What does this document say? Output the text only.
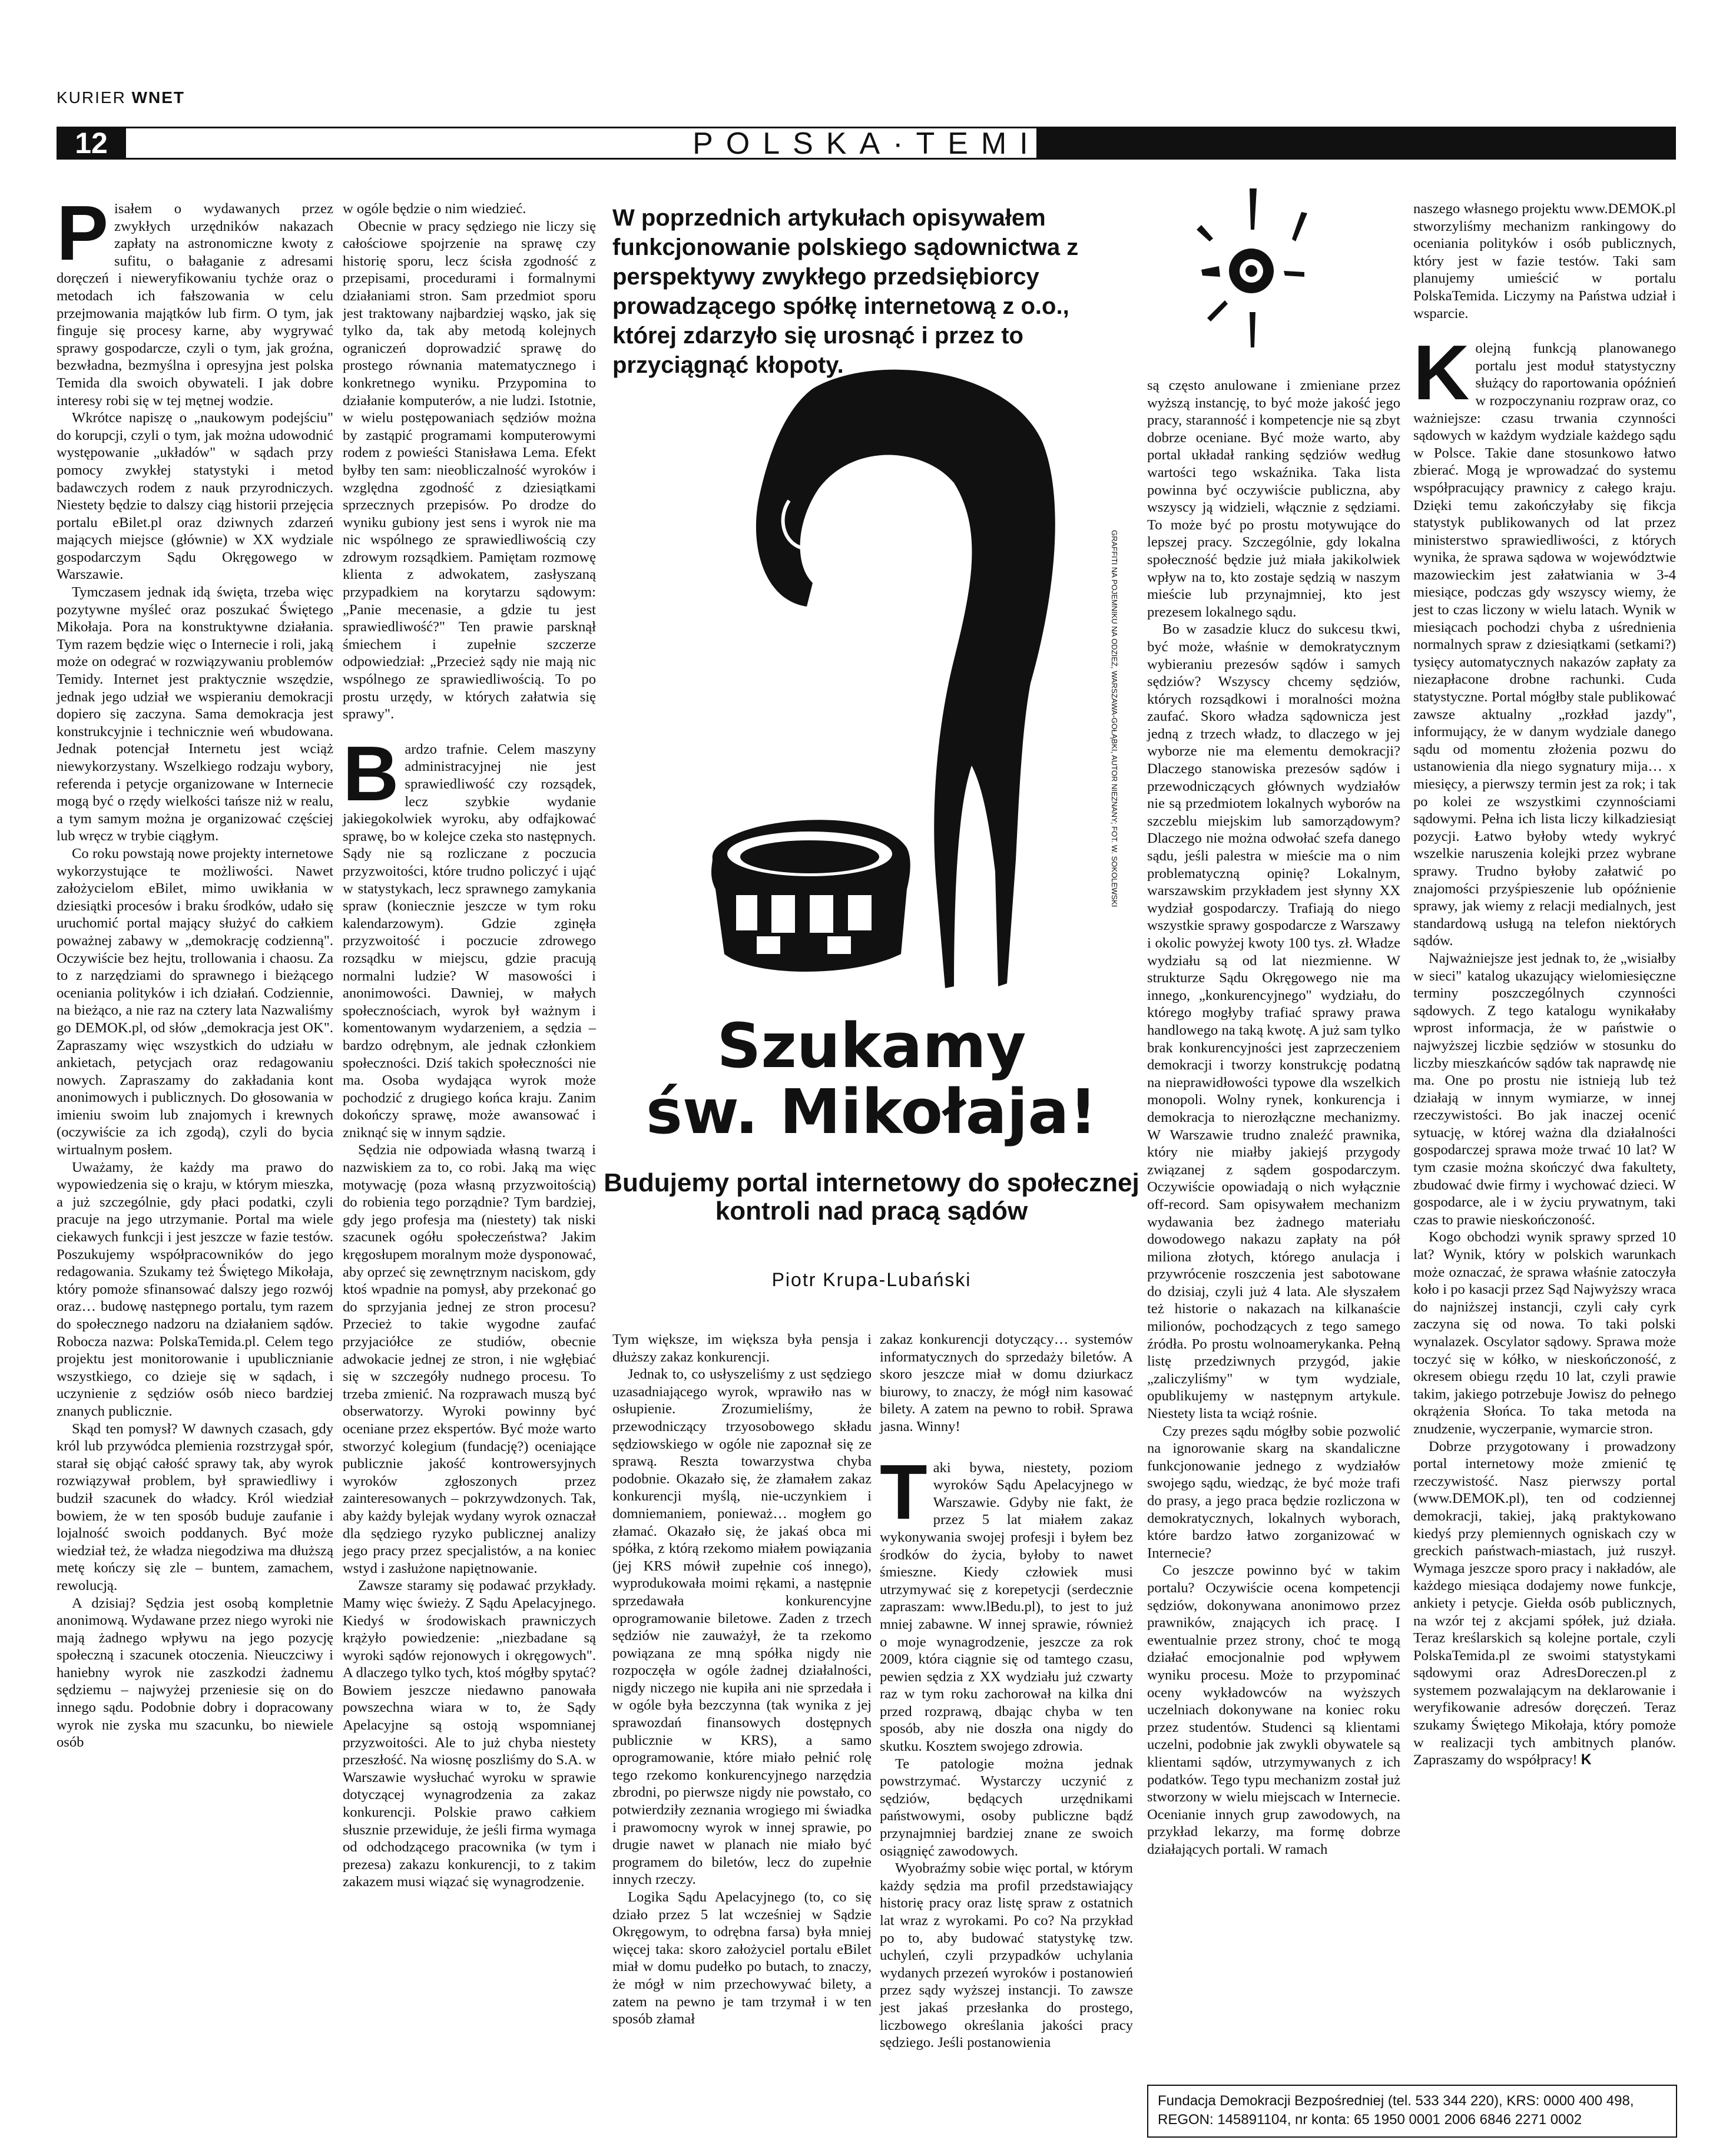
KURIER WNET
12	POLSKA·TEMIDA

Pisałem o wydawanych przez zwykłych urzędników nakazach zapłaty na astronomiczne kwoty z sufitu, o bałaganie z adresami doręczeń i nieweryfikowaniu tychże oraz o metodach ich fałszowania w celu przejmowania majątków lub firm. O tym, jak finguje się procesy karne, aby wygrywać sprawy gospodarcze, czyli o tym, jak groźna, bezwładna, bezmyślna i opresyjna jest polska Temida dla swoich obywateli. I jak dobre interesy robi się w tej mętnej wodzie.

Wkrótce napiszę o „naukowym podejściu" do korupcji, czyli o tym, jak można udowodnić występowanie „układów" w sądach przy pomocy zwykłej statystyki i metod badawczych rodem z nauk przyrodniczych. Niestety będzie to dalszy ciąg historii przejęcia portalu eBilet.pl oraz dziwnych zdarzeń mających miejsce (głównie) w XX wydziale gospodarczym Sądu Okręgowego w Warszawie.

Tymczasem jednak idą święta, trzeba więc pozytywne myśleć oraz poszukać Świętego Mikołaja. Pora na konstruktywne działania. Tym razem będzie więc o Internecie i roli, jaką może on odegrać w rozwiązywaniu problemów Temidy. Internet jest praktycznie wszędzie, jednak jego udział we wspieraniu demokracji dopiero się zaczyna. Sama demokracja jest konstrukcyjnie i technicznie weń wbudowana. Jednak potencjał Internetu jest wciąż niewykorzystany. Wszelkiego rodzaju wybory, referenda i petycje organizowane w Internecie mogą być o rzędy wielkości tańsze niż w realu, a tym samym można je organizować częściej lub wręcz w trybie ciągłym.

Co roku powstają nowe projekty internetowe wykorzystujące te możliwości. Nawet założycielom eBilet, mimo uwikłania w dziesiątki procesów i braku środków, udało się uruchomić portal mający służyć do całkiem poważnej zabawy w „demokrację codzienną". Oczywiście bez hejtu, trollowania i chaosu. Za to z narzędziami do sprawnego i bieżącego oceniania polityków i ich działań. Codziennie, na bieżąco, a nie raz na cztery lata Nazwaliśmy go DEMOK.pl, od słów „demokracja jest OK". Zapraszamy więc wszystkich do udziału w ankietach, petycjach oraz redagowaniu nowych. Zapraszamy do zakładania kont anonimowych i publicznych. Do głosowania w imieniu swoim lub znajomych i krewnych (oczywiście za ich zgodą), czyli do bycia wirtualnym posłem.

Uważamy, że każdy ma prawo do wypowiedzenia się o kraju, w którym mieszka, a już szczególnie, gdy płaci podatki, czyli pracuje na jego utrzymanie. Portal ma wiele ciekawych funkcji i jest jeszcze w fazie testów. Poszukujemy współpracowników do jego redagowania. Szukamy też Świętego Mikołaja, który pomoże sfinansować dalszy jego rozwój oraz… budowę następnego portalu, tym razem do społecznego nadzoru na działaniem sądów. Robocza nazwa: PolskaTemida.pl. Celem tego projektu jest monitorowanie i upublicznianie wszystkiego, co dzieje się w sądach, i uczynienie z sędziów osób nieco bardziej znanych publicznie.

Skąd ten pomysł? W dawnych czasach, gdy król lub przywódca plemienia rozstrzygał spór, starał się objąć całość sprawy tak, aby wyrok rozwiązywał problem, był sprawiedliwy i budził szacunek do władcy. Król wiedział bowiem, że w ten sposób buduje zaufanie i lojalność swoich poddanych. Być może wiedział też, że władza niegodziwa ma dłuższą metę kończy się zle – buntem, zamachem, rewolucją.

A dzisiaj? Sędzia jest osobą kompletnie anonimową. Wydawane przez niego wyroki nie mają żadnego wpływu na jego pozycję społeczną i szacunek otoczenia. Nieuczciwy i haniebny wyrok nie zaszkodzi żadnemu sędziemu – najwyżej przeniesie się on do innego sądu. Podobnie dobry i dopracowany wyrok nie zyska mu szacunku, bo niewiele osób

w ogóle będzie o nim wiedzieć.

Obecnie w pracy sędziego nie liczy się całościowe spojrzenie na sprawę czy historię sporu, lecz ścisła zgodność z przepisami, procedurami i formalnymi działaniami stron. Sam przedmiot sporu jest traktowany najbardziej wąsko, jak się tylko da, tak aby metodą kolejnych ograniczeń doprowadzić sprawę do prostego równania matematycznego i konkretnego wyniku. Przypomina to działanie komputerów, a nie ludzi. Istotnie, w wielu postępowaniach sędziów można by zastąpić programami komputerowymi rodem z powieści Stanisława Lema. Efekt byłby ten sam: nieobliczalność wyroków i względna zgodność z dziesiątkami sprzecznych przepisów. Po drodze do wyniku gubiony jest sens i wyrok nie ma nic wspólnego ze sprawiedliwością czy zdrowym rozsądkiem. Pamiętam rozmowę klienta z adwokatem, zasłyszaną przypadkiem na korytarzu sądowym: „Panie mecenasie, a gdzie tu jest sprawiedliwość?" Ten prawie parsknął śmiechem i zupełnie szczerze odpowiedział: „Przecież sądy nie mają nic wspólnego ze sprawiedliwością. To po prostu urzędy, w których załatwia się sprawy".

Bardzo trafnie. Celem maszyny administracyjnej nie jest sprawiedliwość czy rozsądek, lecz szybkie wydanie jakiegokolwiek wyroku, aby odfajkować sprawę, bo w kolejce czeka sto następnych. Sądy nie są rozliczane z poczucia przyzwoitości, które trudno policzyć i ująć w statystykach, lecz sprawnego zamykania spraw (koniecznie jeszcze w tym roku kalendarzowym). Gdzie zginęła przyzwoitość i poczucie zdrowego rozsądku w miejscu, gdzie pracują normalni ludzie? W masowości i anonimowości. Dawniej, w małych społecznościach, wyrok był ważnym i komentowanym wydarzeniem, a sędzia – bardzo odrębnym, ale jednak członkiem społeczności. Dziś takich społeczności nie ma. Osoba wydająca wyrok może pochodzić z drugiego końca kraju. Zanim dokończy sprawę, może awansować i zniknąć się w innym sądzie.

Sędzia nie odpowiada własną twarzą i nazwiskiem za to, co robi. Jaką ma więc motywację (poza własną przyzwoitością) do robienia tego porządnie? Tym bardziej, gdy jego profesja ma (niestety) tak niski szacunek ogółu społeczeństwa? Jakim kręgosłupem moralnym może dysponować, aby oprzeć się zewnętrznym naciskom, gdy ktoś wpadnie na pomysł, aby przekonać go do sprzyjania jednej ze stron procesu? Przecież to takie wygodne zaufać przyjaciółce ze studiów, obecnie adwokacie jednej ze stron, i nie wgłębiać się w szczegóły nudnego procesu. To trzeba zmienić. Na rozprawach muszą być obserwatorzy. Wyroki powinny być oceniane przez ekspertów. Być może warto stworzyć kolegium (fundację?) oceniające publicznie jakość kontrowersyjnych wyroków zgłoszonych przez zainteresowanych – pokrzywdzonych. Tak, aby każdy bylejak wydany wyrok oznaczał dla sędziego ryzyko publicznej analizy jego pracy przez specjalistów, a na koniec wstyd i zasłużone napiętnowanie.

Zawsze staramy się podawać przykłady. Mamy więc świeży. Z Sądu Apelacyjnego. Kiedyś w środowiskach prawniczych krążyło powiedzenie: „niezbadane są wyroki sądów rejonowych i okręgowych". A dlaczego tylko tych, ktoś mógłby spytać? Bowiem jeszcze niedawno panowała powszechna wiara w to, że Sądy Apelacyjne są ostoją wspomnianej przyzwoitości. Ale to już chyba niestety przeszłość. Na wiosnę poszliśmy do S.A. w Warszawie wysłuchać wyroku w sprawie dotyczącej wynagrodzenia za zakaz konkurencji. Polskie prawo całkiem słusznie przewiduje, że jeśli firma wymaga od odchodzącego pracownika (w tym i prezesa) zakazu konkurencji, to z takim zakazem musi wiązać się wynagrodzenie.

W poprzednich artykułach opisywałem funkcjonowanie polskiego sądownictwa z perspektywy zwykłego przedsiębiorcy prowadzącego spółkę internetową z o.o., której zdarzyło się urosnąć i przez to przyciągnąć kłopoty.
GRAFFITI NA POJEMNIKU NA ODZIEŻ, WARSZAWA-GOŁĄBKI, AUTOR NIEZNANY; FOT. W. SOKOLEWSKI
Szukamy
św. Mikołaja!
Budujemy portal internetowy do społecznej kontroli nad pracą sądów
Piotr Krupa-Lubański

Tym większe, im większa była pensja i dłuższy zakaz konkurencji.

Jednak to, co usłyszeliśmy z ust sędziego uzasadniającego wyrok, wprawiło nas w osłupienie. Zrozumieliśmy, że przewodniczący trzyosobowego składu sędziowskiego w ogóle nie zapoznał się ze sprawą. Reszta towarzystwa chyba podobnie. Okazało się, że złamałem zakaz konkurencji myślą, nie-uczynkiem i domniemaniem, ponieważ… mogłem go złamać. Okazało się, że jakaś obca mi spółka, z którą rzekomo miałem powiązania (jej KRS mówił zupełnie coś innego), wyprodukowała moimi rękami, a następnie sprzedawała konkurencyjne oprogramowanie biletowe. Zaden z trzech sędziów nie zauważył, że ta rzekomo powiązana ze mną spółka nigdy nie rozpoczęła w ogóle żadnej działalności, nigdy niczego nie kupiła ani nie sprzedała i w ogóle była bezczynna (tak wynika z jej sprawozdań finansowych dostępnych publicznie w KRS), a samo oprogramowanie, które miało pełnić rolę tego rzekomo konkurencyjnego narzędzia zbrodni, po pierwsze nigdy nie powstało, co potwierdziły zeznania wrogiego mi świadka i prawomocny wyrok w innej sprawie, po drugie nawet w planach nie miało być programem do biletów, lecz do zupełnie innych rzeczy.

Logika Sądu Apelacyjnego (to, co się działo przez 5 lat wcześniej w Sądzie Okręgowym, to odrębna farsa) była mniej więcej taka: skoro założyciel portalu eBilet miał w domu pudełko po butach, to znaczy, że mógł w nim przechowywać bilety, a zatem na pewno je tam trzymał i w ten sposób złamał

zakaz konkurencji dotyczący… systemów informatycznych do sprzedaży biletów. A skoro jeszcze miał w domu dziurkacz biurowy, to znaczy, że mógł nim kasować bilety. A zatem na pewno to robił. Sprawa jasna. Winny!

Taki bywa, niestety, poziom wyroków Sądu Apelacyjnego w Warszawie. Gdyby nie fakt, że przez 5 lat miałem zakaz wykonywania swojej profesji i byłem bez środków do życia, byłoby to nawet śmieszne. Kiedy człowiek musi utrzymywać się z korepetycji (serdecznie zapraszam: www.lBedu.pl), to jest to już mniej zabawne. W innej sprawie, również o moje wynagrodzenie, jeszcze za rok 2009, która ciągnie się od tamtego czasu, pewien sędzia z XX wydziału już czwarty raz w tym roku zachorował na kilka dni przed rozprawą, dbając chyba w ten sposób, aby nie doszła ona nigdy do skutku. Kosztem swojego zdrowia.

Te patologie można jednak powstrzymać. Wystarczy uczynić z sędziów, będących urzędnikami państwowymi, osoby publiczne bądź przynajmniej bardziej znane ze swoich osiągnięć zawodowych.

Wyobraźmy sobie więc portal, w którym każdy sędzia ma profil przedstawiający historię pracy oraz listę spraw z ostatnich lat wraz z wyrokami. Po co? Na przykład po to, aby budować statystykę tzw. uchyleń, czyli przypadków uchylania wydanych przezeń wyroków i postanowień przez sądy wyższej instancji. To zawsze jest jakaś przesłanka do prostego, liczbowego określania jakości pracy sędziego. Jeśli postanowienia

są często anulowane i zmieniane przez wyższą instancję, to być może jakość jego pracy, staranność i kompetencje nie są zbyt dobrze oceniane. Być może warto, aby portal układał ranking sędziów według wartości tego wskaźnika. Taka lista powinna być oczywiście publiczna, aby wszyscy ją widzieli, włącznie z sędziami. To może być po prostu motywujące do lepszej pracy. Szczególnie, gdy lokalna społeczność będzie już miała jakikolwiek wpływ na to, kto zostaje sędzią w naszym mieście lub przynajmniej, kto jest prezesem lokalnego sądu.

Bo w zasadzie klucz do sukcesu tkwi, być może, właśnie w demokratycznym wybieraniu prezesów sądów i samych sędziów? Wszyscy chcemy sędziów, których rozsądkowi i moralności można zaufać. Skoro władza sądownicza jest jedną z trzech władz, to dlaczego w jej wyborze nie ma elementu demokracji? Dlaczego stanowiska prezesów sądów i przewodniczących głównych wydziałów nie są przedmiotem lokalnych wyborów na szczeblu miejskim lub samorządowym? Dlaczego nie można odwołać szefa danego sądu, jeśli palestra w mieście ma o nim problematyczną opinię? Lokalnym, warszawskim przykładem jest słynny XX wydział gospodarczy. Trafiają do niego wszystkie sprawy gospodarcze z Warszawy i okolic powyżej kwoty 100 tys. zł. Władze wydziału są od lat niezmienne. W strukturze Sądu Okręgowego nie ma innego, „konkurencyjnego" wydziału, do którego mogłyby trafiać sprawy prawa handlowego na taką kwotę. A już sam tylko brak konkurencyjności jest zaprzeczeniem demokracji i tworzy konstrukcję podatną na nieprawidłowości typowe dla wszelkich monopoli. Wolny rynek, konkurencja i demokracja to nierozłączne mechanizmy. W Warszawie trudno znaleźć prawnika, który nie miałby jakiejś przygody związanej z sądem gospodarczym. Oczywiście opowiadają o nich wyłącznie off-record. Sam opisywałem mechanizm wydawania bez żadnego materiału dowodowego nakazu zapłaty na pół miliona złotych, którego anulacja i przywrócenie roszczenia jest sabotowane do dzisiaj, czyli już 4 lata. Ale słyszałem też historie o nakazach na kilkanaście milionów, pochodzących z tego samego źródła. Po prostu wolnoamerykanka. Pełną listę przedziwnych przygód, jakie „zaliczyliśmy" w tym wydziale, opublikujemy w następnym artykule. Niestety lista ta wciąż rośnie.

Czy prezes sądu mógłby sobie pozwolić na ignorowanie skarg na skandaliczne funkcjonowanie jednego z wydziałów swojego sądu, wiedząc, że być może trafi do prasy, a jego praca będzie rozliczona w demokratycznych, lokalnych wyborach, które bardzo łatwo zorganizować w Internecie?

Co jeszcze powinno być w takim portalu? Oczywiście ocena kompetencji sędziów, dokonywana anonimowo przez prawników, znających ich pracę. I ewentualnie przez strony, choć te mogą działać emocjonalnie pod wpływem wyniku procesu. Może to przypominać oceny wykładowców na wyższych uczelniach dokonywane na koniec roku przez studentów. Studenci są klientami uczelni, podobnie jak zwykli obywatele są klientami sądów, utrzymywanych z ich podatków. Tego typu mechanizm został już stworzony w wielu miejscach w Internecie. Ocenianie innych grup zawodowych, na przykład lekarzy, ma formę dobrze działających portali. W ramach

naszego własnego projektu www.DEMOK.pl stworzyliśmy mechanizm rankingowy do oceniania polityków i osób publicznych, który jest w fazie testów. Taki sam planujemy umieścić w portalu PolskaTemida. Liczymy na Państwa udział i wsparcie.

Kolejną funkcją planowanego portalu jest moduł statystyczny służący do raportowania opóźnień w rozpoczynaniu rozpraw oraz, co ważniejsze: czasu trwania czynności sądowych w każdym wydziale każdego sądu w Polsce. Takie dane stosunkowo łatwo zbierać. Mogą je wprowadzać do systemu współpracujący prawnicy z całego kraju. Dzięki temu zakończyłaby się fikcja statystyk publikowanych od lat przez ministerstwo sprawiedliwości, z których wynika, że sprawa sądowa w województwie mazowieckim jest załatwiania w 3-4 miesiące, podczas gdy wszyscy wiemy, że jest to czas liczony w wielu latach. Wynik w miesiącach pochodzi chyba z uśrednienia normalnych spraw z dziesiątkami (setkami?) tysięcy automatycznych nakazów zapłaty za niezapłacone drobne rachunki. Cuda statystyczne. Portal mógłby stale publikować zawsze aktualny „rozkład jazdy", informujący, że w danym wydziale danego sądu od momentu złożenia pozwu do ustanowienia dla niego sygnatury mija… x miesięcy, a pierwszy termin jest za rok; i tak po kolei ze wszystkimi czynnościami sądowymi. Pełna ich lista liczy kilkadziesiąt pozycji. Łatwo byłoby wtedy wykryć wszelkie naruszenia kolejki przez wybrane sprawy. Trudno byłoby załatwić po znajomości przyśpieszenie lub opóźnienie sprawy, jak wiemy z relacji medialnych, jest standardową usługą na telefon niektórych sądów.

Najważniejsze jest jednak to, że „wisiałby w sieci" katalog ukazujący wielomiesięczne terminy poszczególnych czynności sądowych. Z tego katalogu wynikałaby wprost informacja, że w państwie o najwyższej liczbie sędziów w stosunku do liczby mieszkańców sądów tak naprawdę nie ma. One po prostu nie istnieją lub też działają w innym wymiarze, w innej rzeczywistości. Bo jak inaczej ocenić sytuację, w której ważna dla działalności gospodarczej sprawa może trwać 10 lat? W tym czasie można skończyć dwa fakultety, zbudować dwie firmy i wychować dzieci. W gospodarce, ale i w życiu prywatnym, taki czas to prawie nieskończoność.

Kogo obchodzi wynik sprawy sprzed 10 lat? Wynik, który w polskich warunkach może oznaczać, że sprawa właśnie zatoczyła koło i po kasacji przez Sąd Najwyższy wraca do najniższej instancji, czyli cały cyrk zaczyna się od nowa. To taki polski wynalazek. Oscylator sądowy. Sprawa może toczyć się w kółko, w nieskończoność, z okresem obiegu rzędu 10 lat, czyli prawie takim, jakiego potrzebuje Jowisz do pełnego okrążenia Słońca. To taka metoda na znudzenie, wyczerpanie, wymarcie stron.

Dobrze przygotowany i prowadzony portal internetowy może zmienić tę rzeczywistość. Nasz pierwszy portal (www.DEMOK.pl), ten od codziennej demokracji, takiej, jaką praktykowano kiedyś przy plemiennych ogniskach czy w greckich państwach-miastach, już ruszył. Wymaga jeszcze sporo pracy i nakładów, ale każdego miesiąca dodajemy nowe funkcje, ankiety i petycje. Giełda osób publicznych, na wzór tej z akcjami spółek, już działa. Teraz kreślarskich są kolejne portale, czyli PolskaTemida.pl ze swoimi statystykami sądowymi oraz AdresDoreczen.pl z systemem pozwalającym na deklarowanie i weryfikowanie adresów doręczeń. Teraz szukamy Świętego Mikołaja, który pomoże w realizacji tych ambitnych planów. Zapraszamy do współpracy! K

Fundacja Demokracji Bezpośredniej (tel. 533 344 220), KRS: 0000 400 498, REGON: 145891104, nr konta: 65 1950 0001 2006 6846 2271 0002
